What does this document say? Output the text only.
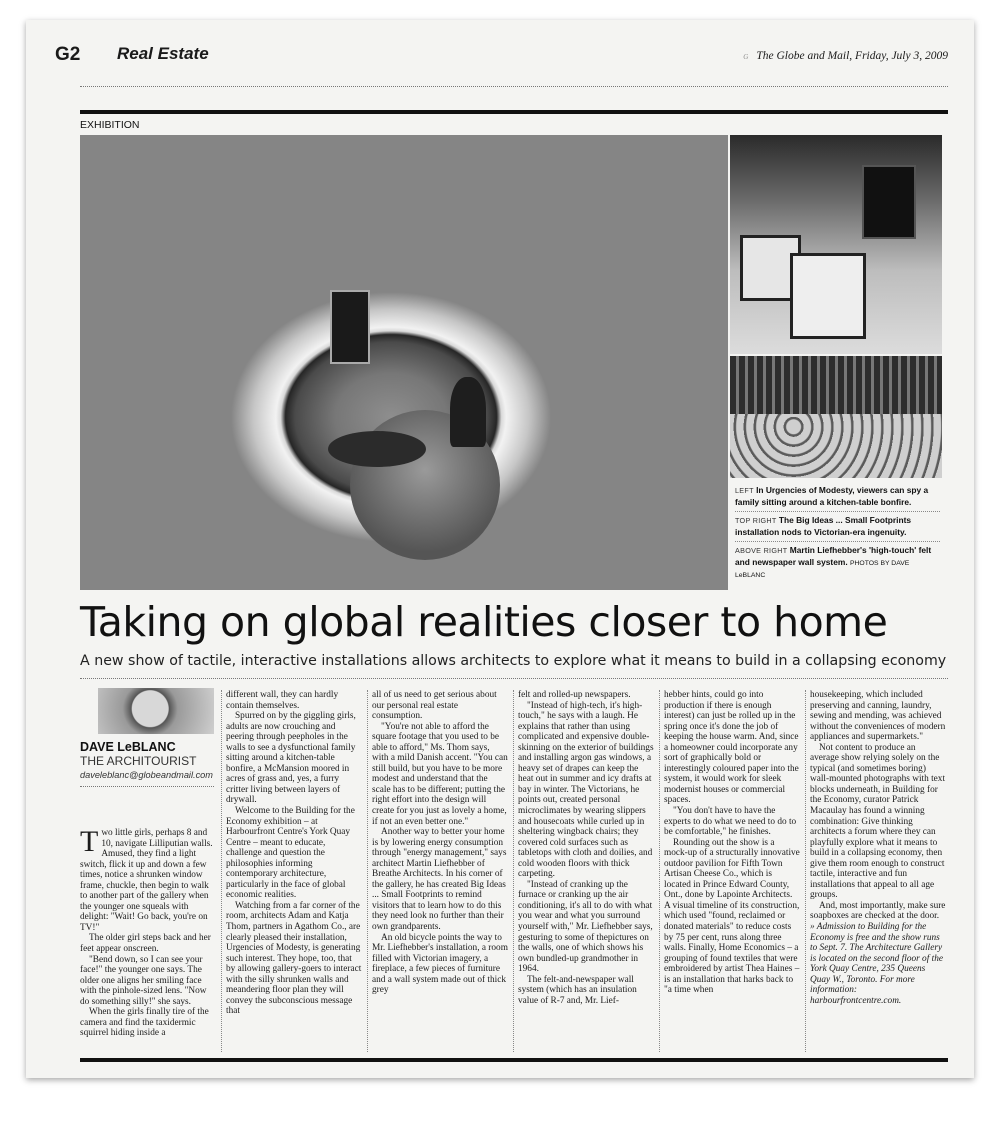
G2 Real Estate	G The Globe and Mail, Friday, July 3, 2009
EXHIBITION
LEFT In Urgencies of Modesty, viewers can spy a family sitting around a kitchen-table bonfire.
TOP RIGHT The Big Ideas ... Small Footprints installation nods to Victorian-era ingenuity.
ABOVE RIGHT Martin Liefhebber's 'high-touch' felt and newspaper wall system. PHOTOS BY DAVE LeBLANC
Taking on global realities closer to home
A new show of tactile, interactive installations allows architects to explore what it means to build in a collapsing economy
DAVE LeBLANC
THE ARCHITOURIST
daveleblanc@globeandmail.com

Two little girls, perhaps 8 and 10, navigate Lilliputian walls. Amused, they find a light switch, flick it up and down a few times, notice a shrunken window frame, chuckle, then begin to walk to another part of the gallery when the younger one squeals with delight: "Wait! Go back, you're on TV!"

The older girl steps back and her feet appear onscreen.

"Bend down, so I can see your face!" the younger one says. The older one aligns her smiling face with the pinhole-sized lens. "Now do something silly!" she says.

When the girls finally tire of the camera and find the taxidermic squirrel hiding inside a

different wall, they can hardly contain themselves.

Spurred on by the giggling girls, adults are now crouching and peering through peepholes in the walls to see a dysfunctional family sitting around a kitchen-table bonfire, a McMansion moored in acres of grass and, yes, a furry critter living between layers of drywall.

Welcome to the Building for the Economy exhibition – at Harbourfront Centre's York Quay Centre – meant to educate, challenge and question the philosophies informing contemporary architecture, particularly in the face of global economic realities.

Watching from a far corner of the room, architects Adam and Katja Thom, partners in Agathom Co., are clearly pleased their installation, Urgencies of Modesty, is generating such interest. They hope, too, that by allowing gallery-goers to interact with the silly shrunken walls and meandering floor plan they will convey the subconscious message that

all of us need to get serious about our personal real estate consumption.

"You're not able to afford the square footage that you used to be able to afford," Ms. Thom says, with a mild Danish accent. "You can still build, but you have to be more modest and understand that the scale has to be different; putting the right effort into the design will create for you just as lovely a home, if not an even better one."

Another way to better your home is by lowering energy consumption through "energy management," says architect Martin Liefhebber of Breathe Architects. In his corner of the gallery, he has created Big Ideas ... Small Footprints to remind visitors that to learn how to do this they need look no further than their own grandparents.

An old bicycle points the way to Mr. Liefhebber's installation, a room filled with Victorian imagery, a fireplace, a few pieces of furniture and a wall system made out of thick grey

felt and rolled-up newspapers.

"Instead of high-tech, it's high-touch," he says with a laugh. He explains that rather than using complicated and expensive double-skinning on the exterior of buildings and installing argon gas windows, a heavy set of drapes can keep the heat out in summer and icy drafts at bay in winter. The Victorians, he points out, created personal microclimates by wearing slippers and housecoats while curled up in sheltering wingback chairs; they covered cold surfaces such as tabletops with cloth and doilies, and cold wooden floors with thick carpeting.

"Instead of cranking up the furnace or cranking up the air conditioning, it's all to do with what you wear and what you surround yourself with," Mr. Liefhebber says, gesturing to some of thepictures on the walls, one of which shows his own bundled-up grandmother in 1964.

The felt-and-newspaper wall system (which has an insulation value of R-7 and, Mr. Lief-

hebber hints, could go into production if there is enough interest) can just be rolled up in the spring once it's done the job of keeping the house warm. And, since a homeowner could incorporate any sort of graphically bold or interestingly coloured paper into the system, it would work for sleek modernist houses or commercial spaces.

"You don't have to have the experts to do what we need to do to be comfortable," he finishes.

Rounding out the show is a mock-up of a structurally innovative outdoor pavilion for Fifth Town Artisan Cheese Co., which is located in Prince Edward County, Ont., done by Lapointe Architects. A visual timeline of its construction, which used "found, reclaimed or donated materials" to reduce costs by 75 per cent, runs along three walls. Finally, Home Economics – a grouping of found textiles that were embroidered by artist Thea Haines – is an installation that harks back to "a time when

housekeeping, which included preserving and canning, laundry, sewing and mending, was achieved without the conveniences of modern appliances and supermarkets."

Not content to produce an average show relying solely on the typical (and sometimes boring) wall-mounted photographs with text blocks underneath, in Building for the Economy, curator Patrick Macaulay has found a winning combination: Give thinking architects a forum where they can playfully explore what it means to build in a collapsing economy, then give them room enough to construct tactile, interactive and fun installations that appeal to all age groups.

And, most importantly, make sure soapboxes are checked at the door.

» Admission to Building for the Economy is free and the show runs to Sept. 7. The Architecture Gallery is located on the second floor of the York Quay Centre, 235 Queens Quay W., Toronto. For more information: harbourfrontcentre.com.
